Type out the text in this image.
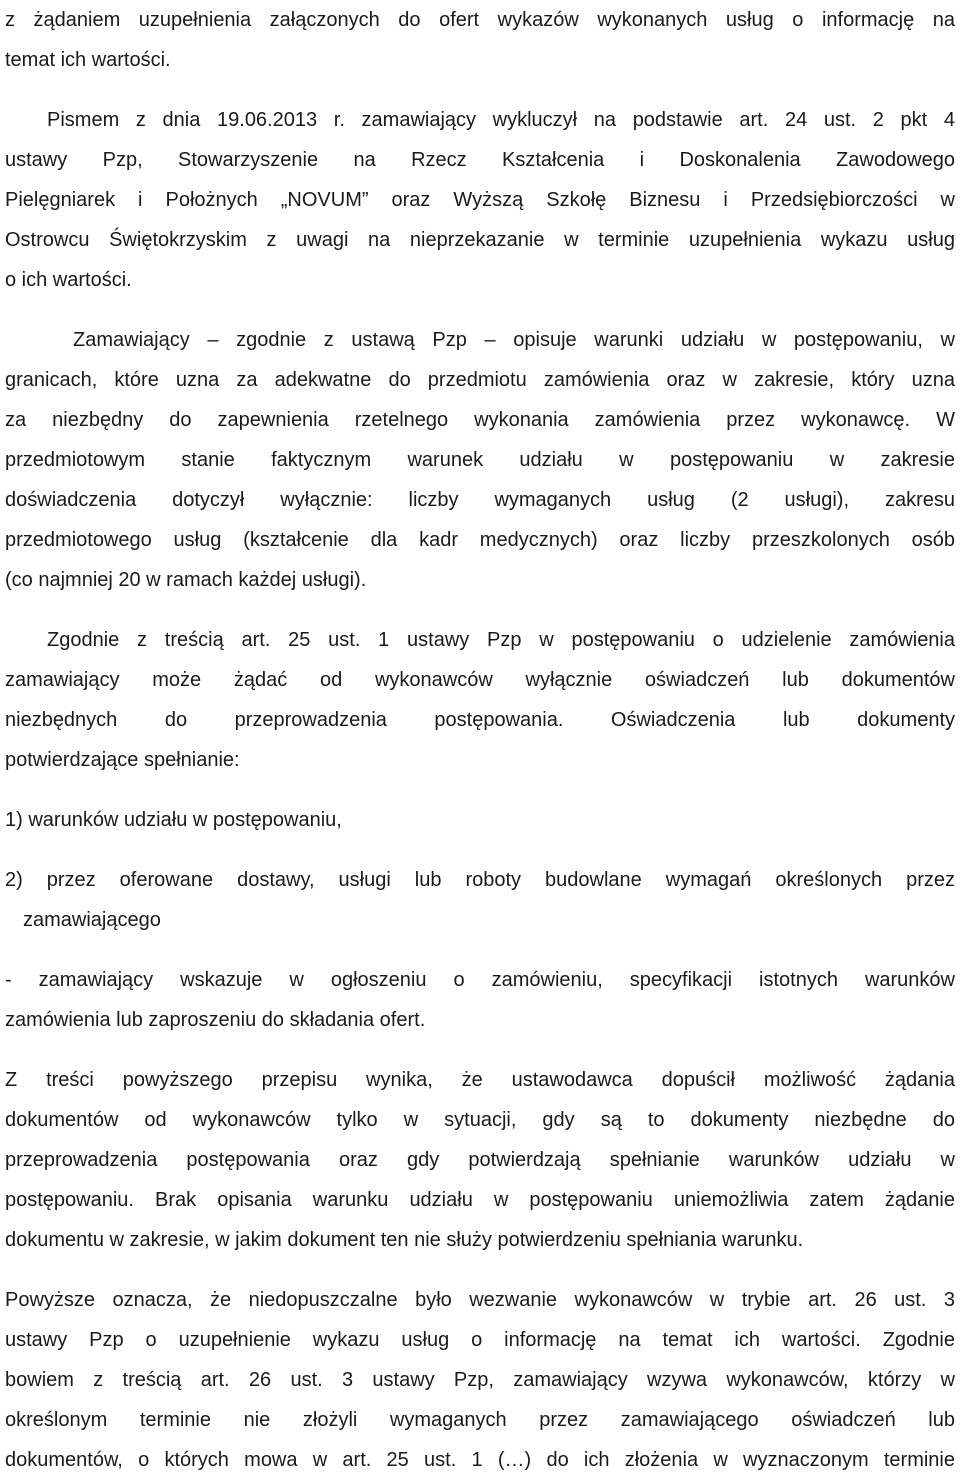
z żądaniem uzupełnienia załączonych do ofert wykazów wykonanych usług o informację na
temat ich wartości.
Pismem z dnia 19.06.2013 r. zamawiający wykluczył na podstawie art. 24 ust. 2 pkt 4
ustawy Pzp, Stowarzyszenie na Rzecz Kształcenia i Doskonalenia Zawodowego
Pielęgniarek i Położnych „NOVUM” oraz Wyższą Szkołę Biznesu i Przedsiębiorczości w
Ostrowcu Świętokrzyskim z uwagi na nieprzekazanie w terminie uzupełnienia wykazu usług
o ich wartości.
Zamawiający – zgodnie z ustawą Pzp – opisuje warunki udziału w postępowaniu, w
granicach, które uzna za adekwatne do przedmiotu zamówienia oraz w zakresie, który uzna
za niezbędny do zapewnienia rzetelnego wykonania zamówienia przez wykonawcę. W
przedmiotowym stanie faktycznym warunek udziału w postępowaniu w zakresie
doświadczenia dotyczył wyłącznie: liczby wymaganych usług (2 usługi), zakresu
przedmiotowego usług (kształcenie dla kadr medycznych) oraz liczby przeszkolonych osób
(co najmniej 20 w ramach każdej usługi).
Zgodnie z treścią art. 25 ust. 1 ustawy Pzp w postępowaniu o udzielenie zamówienia
zamawiający może żądać od wykonawców wyłącznie oświadczeń lub dokumentów
niezbędnych do przeprowadzenia postępowania. Oświadczenia lub dokumenty
potwierdzające spełnianie:
1) warunków udziału w postępowaniu,
2) przez oferowane dostawy, usługi lub roboty budowlane wymagań określonych przez
zamawiającego
- zamawiający wskazuje w ogłoszeniu o zamówieniu, specyfikacji istotnych warunków
zamówienia lub zaproszeniu do składania ofert.
Z treści powyższego przepisu wynika, że ustawodawca dopuścił możliwość żądania
dokumentów od wykonawców tylko w sytuacji, gdy są to dokumenty niezbędne do
przeprowadzenia postępowania oraz gdy potwierdzają spełnianie warunków udziału w
postępowaniu. Brak opisania warunku udziału w postępowaniu uniemożliwia zatem żądanie
dokumentu w zakresie, w jakim dokument ten nie służy potwierdzeniu spełniania warunku.
Powyższe oznacza, że niedopuszczalne było wezwanie wykonawców w trybie art. 26 ust. 3
ustawy Pzp o uzupełnienie wykazu usług o informację na temat ich wartości. Zgodnie
bowiem z treścią art. 26 ust. 3 ustawy Pzp, zamawiający wzywa wykonawców, którzy w
określonym terminie nie złożyli wymaganych przez zamawiającego oświadczeń lub
dokumentów, o których mowa w art. 25 ust. 1 (…) do ich złożenia w wyznaczonym terminie
